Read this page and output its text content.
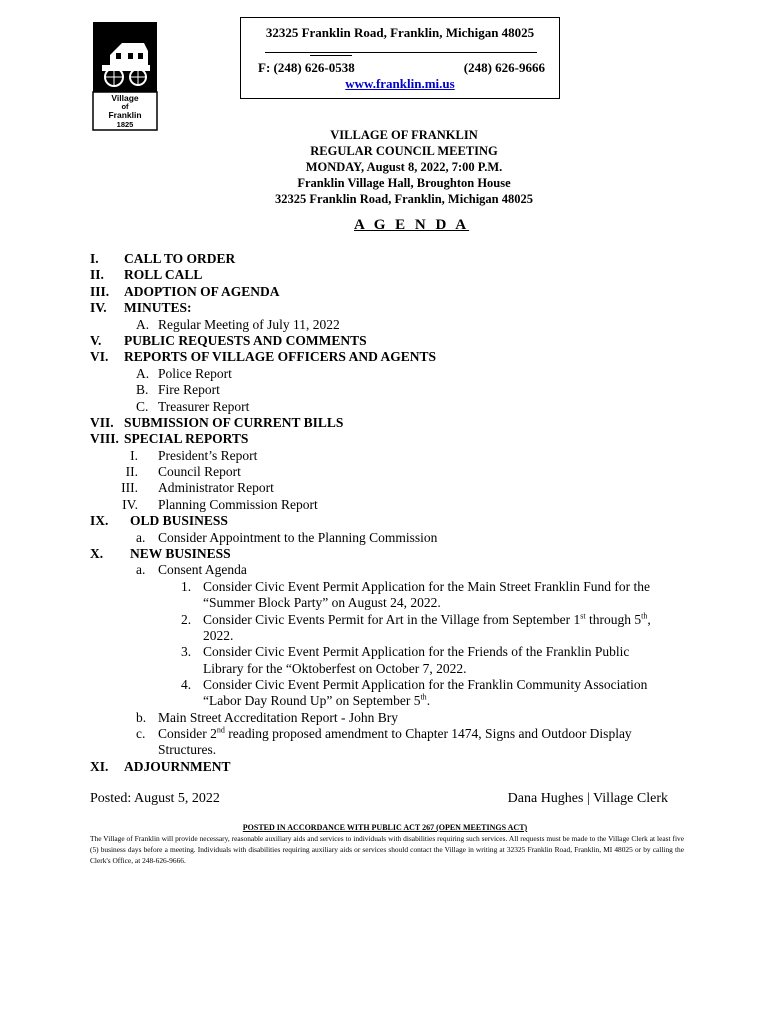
Village
of
Franklin
1825
32325 Franklin Road, Franklin, Michigan 48025
F: (248) 626-0538	(248) 626-9666
www.franklin.mi.us
VILLAGE OF FRANKLIN
REGULAR COUNCIL MEETING
MONDAY, August 8, 2022, 7:00 P.M.
Franklin Village Hall, Broughton House
32325 Franklin Road, Franklin, Michigan 48025
A G E N D A
I. CALL TO ORDER
II. ROLL CALL
III. ADOPTION OF AGENDA
IV. MINUTES:
A. Regular Meeting of July 11, 2022
V. PUBLIC REQUESTS AND COMMENTS
VI. REPORTS OF VILLAGE OFFICERS AND AGENTS
A. Police Report
B. Fire Report
C. Treasurer Report
VII. SUBMISSION OF CURRENT BILLS
VIII. SPECIAL REPORTS
I. President’s Report
II. Council Report
III. Administrator Report
IV. Planning Commission Report
IX. OLD BUSINESS
a. Consider Appointment to the Planning Commission
X. NEW BUSINESS
a. Consent Agenda
1. Consider Civic Event Permit Application for the Main Street Franklin Fund for the
“Summer Block Party” on August 24, 2022.
2. Consider Civic Events Permit for Art in the Village from September 1st through 5th,
2022.
3. Consider Civic Event Permit Application for the Friends of the Franklin Public
Library for the “Oktoberfest on October 7, 2022.
4. Consider Civic Event Permit Application for the Franklin Community Association
“Labor Day Round Up” on September 5th.
b. Main Street Accreditation Report - John Bry
c. Consider 2nd reading proposed amendment to Chapter 1474, Signs and Outdoor Display
Structures.
XI. ADJOURNMENT
Posted: August 5, 2022	Dana Hughes | Village Clerk
POSTED IN ACCORDANCE WITH PUBLIC ACT 267 (OPEN MEETINGS ACT)
The Village of Franklin will provide necessary, reasonable auxiliary aids and services to individuals with disabilities requiring such services. All requests must be made to the Village Clerk at least five (5) business days before a meeting. Individuals with disabilities requiring auxiliary aids or services should contact the Village in writing at 32325 Franklin Road, Franklin, MI 48025 or by calling the Clerk's Office, at 248-626-9666.
